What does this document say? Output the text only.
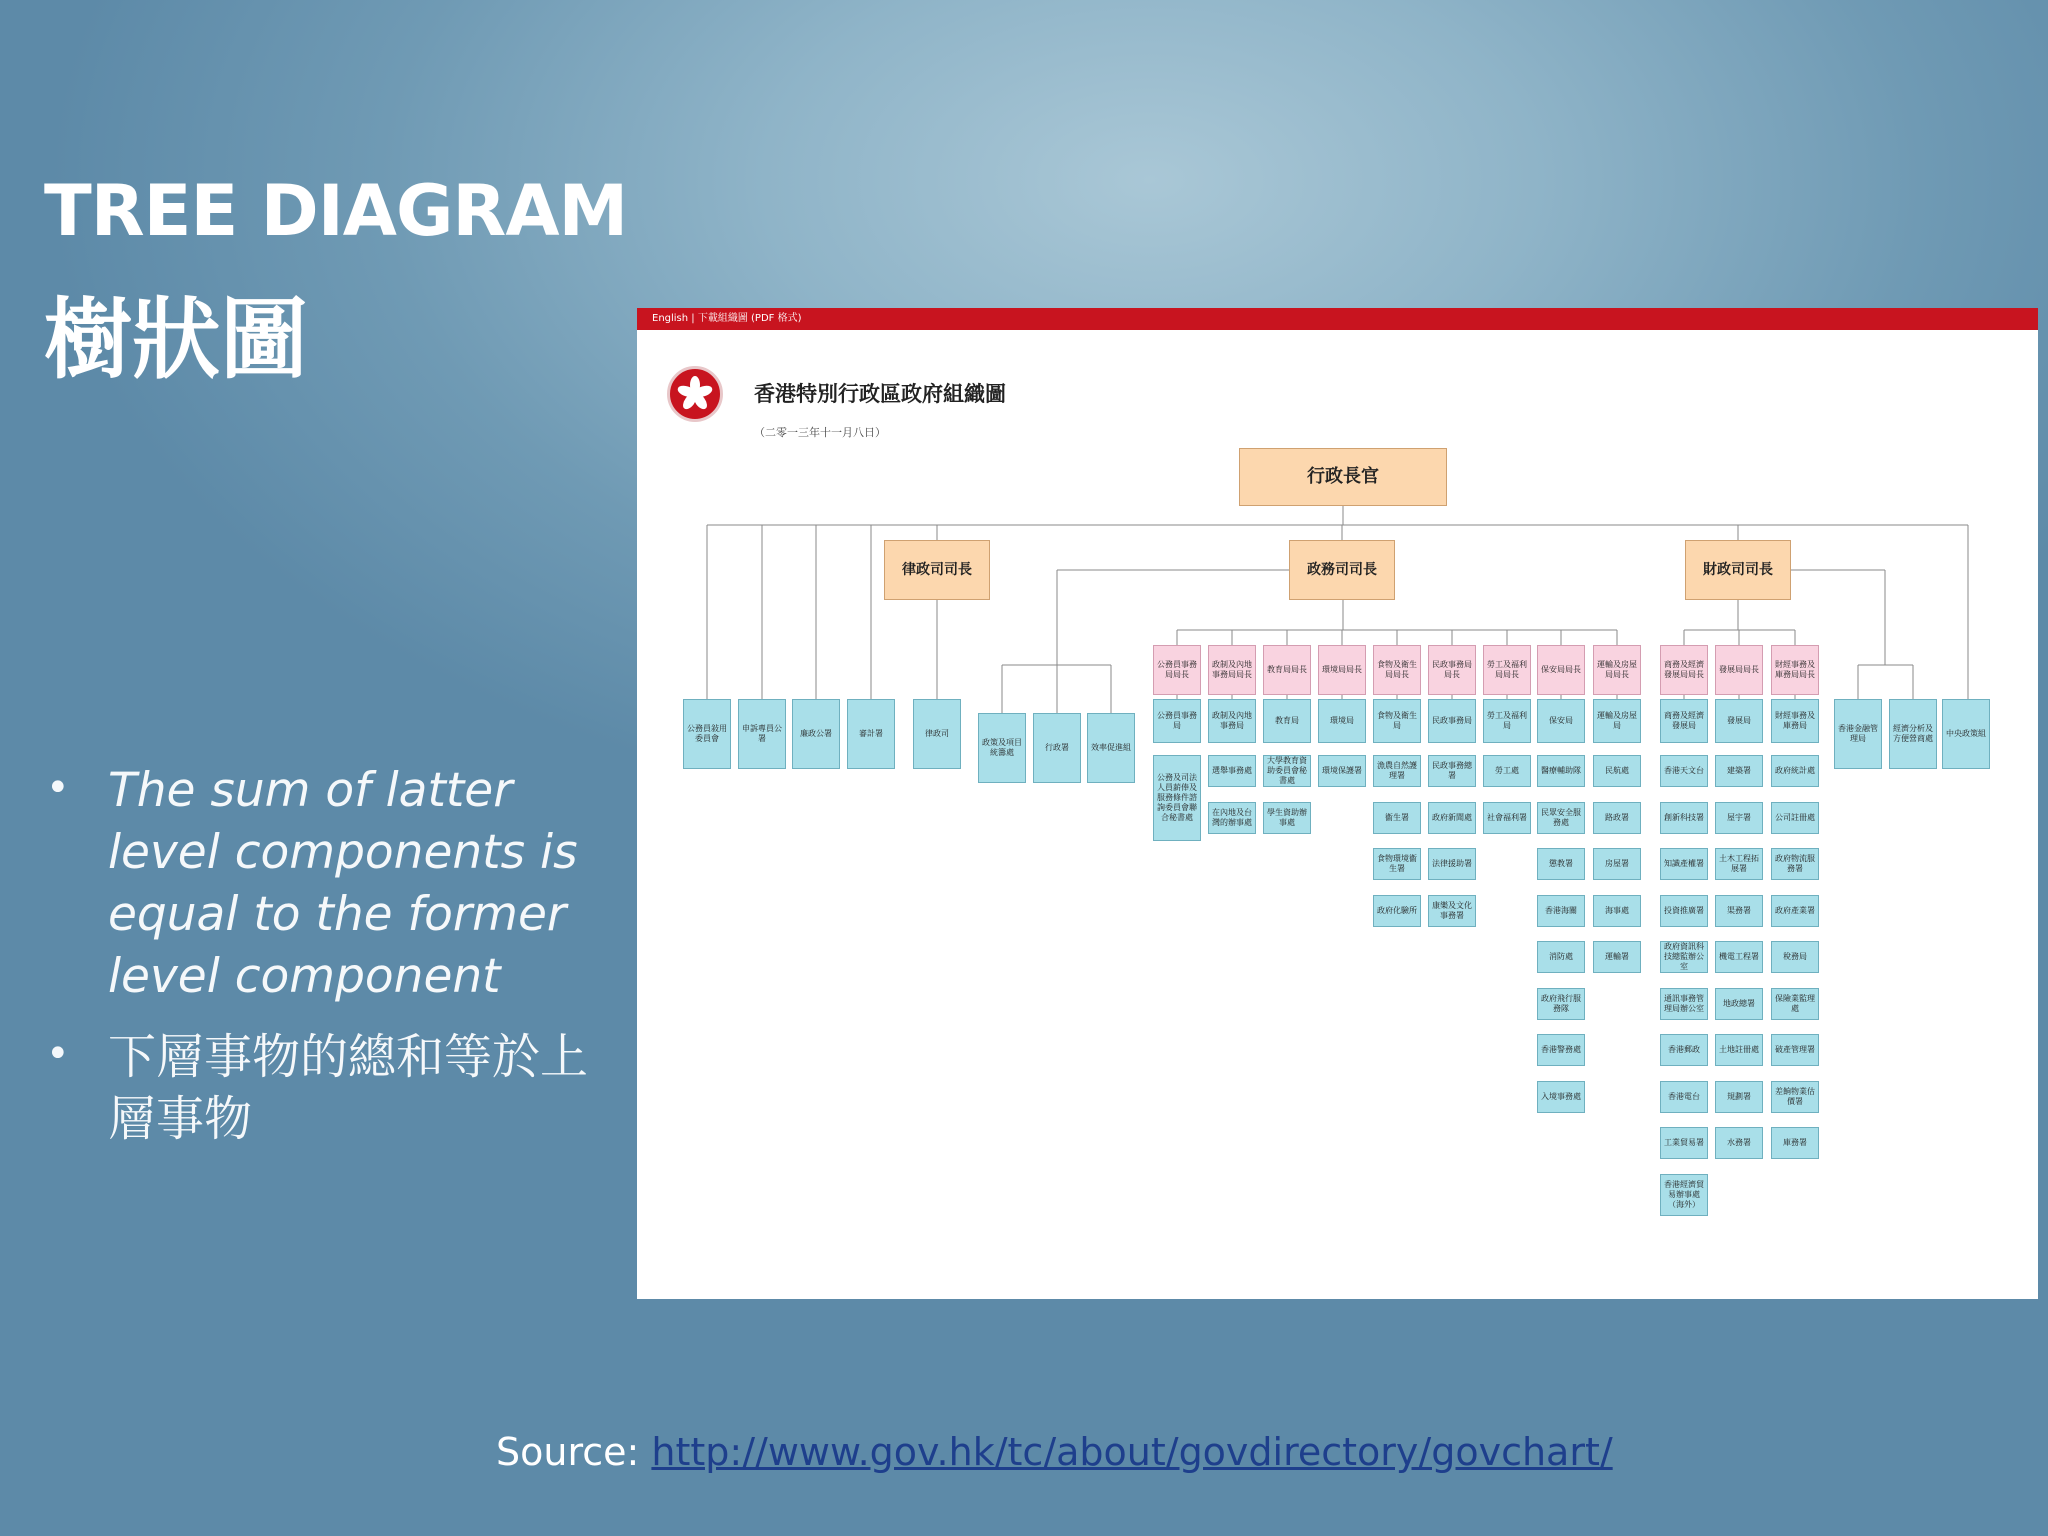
TREE DIAGRAM
樹狀圖
• The sum of latter level components is equal to the former level component
• 下層事物的總和等於上層事物
English | 下載組織圖 (PDF 格式)
香港特別行政區政府組織圖
（二零一三年十一月八日）
行政長官
公務員敍用委員會
申訴專員公署
廉政公署	審計署
律政司司長	政務司司長	財政司司長
律政司
政策及項目統籌處
行政署	效率促進組
香港金融管理局
經濟分析及方便營商處
中央政策組
公務員事務局局長
公務員事務局
公務及司法人員薪俸及服務條件諮詢委員會聯合秘書處
政制及內地事務局局長
政制及內地事務局
選舉事務處
在內地及台灣的辦事處
教育局局長
教育局
大學教育資助委員會秘書處
學生資助辦事處
環境局局長
環境局
環境保護署
食物及衛生局局長
食物及衛生局
漁農自然護理署
衞生署
食物環境衞生署
政府化驗所
民政事務局局長
民政事務局
民政事務總署
政府新聞處
法律援助署
康樂及文化事務署
勞工及福利局局長
勞工及福利局
勞工處
社會福利署
保安局局長
保安局
醫療輔助隊
民眾安全服務處
懲教署
香港海關
消防處
政府飛行服務隊
香港警務處
入境事務處
運輸及房屋局局長
運輸及房屋局
民航處
路政署
房屋署
海事處
運輸署
商務及經濟發展局局長
商務及經濟發展局
香港天文台
創新科技署
知識產權署
投資推廣署
政府資訊科技總監辦公室
通訊事務管理局辦公室
香港郵政
香港電台
工業貿易署
香港經濟貿易辦事處（海外）
發展局局長
發展局
建築署
屋宇署
土木工程拓展署
渠務署
機電工程署
地政總署
土地註冊處
規劃署
水務署
財經事務及庫務局局長
財經事務及庫務局
政府統計處
公司註冊處
政府物流服務署
政府產業署
稅務局
保險業監理處
破產管理署
差餉物業估價署
庫務署
Source: http://www.gov.hk/tc/about/govdirectory/govchart/
